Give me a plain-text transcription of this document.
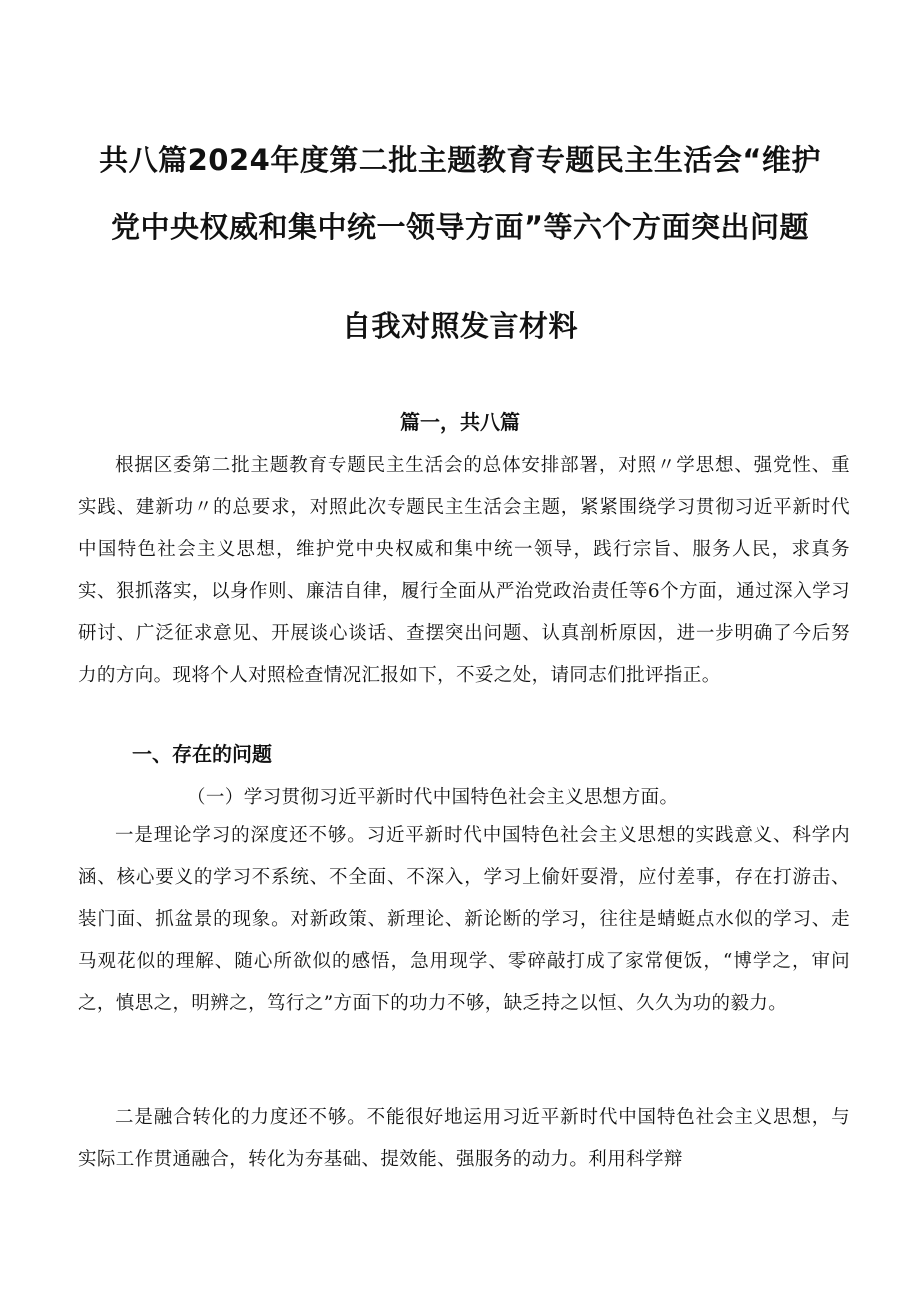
共八篇2024年度第二批主题教育专题民主生活会“维护
党中央权威和集中统一领导方面”等六个方面突出问题
自我对照发言材料
篇一，共八篇
根据区委第二批主题教育专题民主生活会的总体安排部署，对照〃学思想、强党性、重实践、建新功〃的总要求，对照此次专题民主生活会主题，紧紧围绕学习贯彻习近平新时代中国特色社会主义思想，维护党中央权威和集中统一领导，践行宗旨、服务人民，求真务实、狠抓落实，以身作则、廉洁自律，履行全面从严治党政治责任等6个方面，通过深入学习研讨、广泛征求意见、开展谈心谈话、查摆突出问题、认真剖析原因，进一步明确了今后努力的方向。现将个人对照检查情况汇报如下，不妥之处，请同志们批评指正。
一、存在的问题
（一）学习贯彻习近平新时代中国特色社会主义思想方面。
一是理论学习的深度还不够。习近平新时代中国特色社会主义思想的实践意义、科学内涵、核心要义的学习不系统、不全面、不深入，学习上偷奸耍滑，应付差事，存在打游击、装门面、抓盆景的现象。对新政策、新理论、新论断的学习，往往是蜻蜓点水似的学习、走马观花似的理解、随心所欲似的感悟，急用现学、零碎敲打成了家常便饭，“博学之，审问之，慎思之，明辨之，笃行之”方面下的功力不够，缺乏持之以恒、久久为功的毅力。
二是融合转化的力度还不够。不能很好地运用习近平新时代中国特色社会主义思想，与实际工作贯通融合，转化为夯基础、提效能、强服务的动力。利用科学辩
